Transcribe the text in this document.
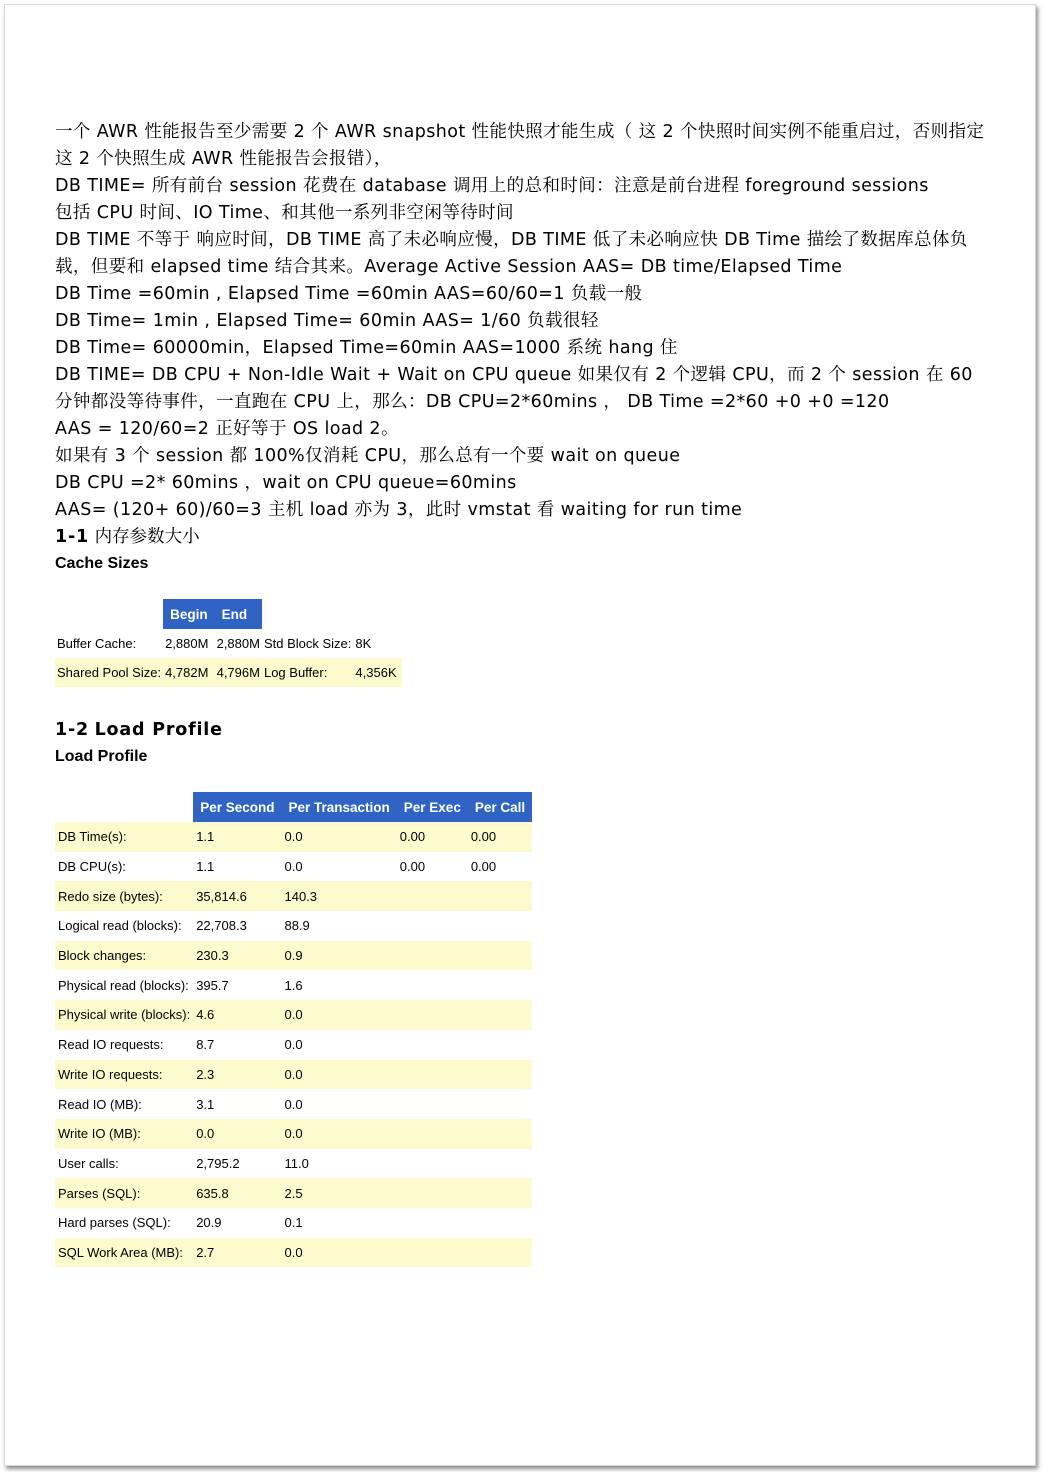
一个 AWR 性能报告至少需要 2 个 AWR snapshot 性能快照才能生成（ 这 2 个快照时间实例不能重启过，否则指定这 2 个快照生成 AWR 性能报告会报错），

DB TIME= 所有前台 session 花费在 database 调用上的总和时间：注意是前台进程 foreground sessions

包括 CPU 时间、IO Time、和其他一系列非空闲等待时间

DB TIME 不等于 响应时间，DB TIME 高了未必响应慢，DB TIME 低了未必响应快 DB Time 描绘了数据库总体负载，但要和 elapsed time 结合其来。Average Active Session AAS= DB time/Elapsed Time

DB Time =60min , Elapsed Time =60min AAS=60/60=1 负载一般

DB Time= 1min , Elapsed Time= 60min AAS= 1/60 负载很轻

DB Time= 60000min，Elapsed Time=60min AAS=1000 系统 hang 住

DB TIME= DB CPU + Non-Idle Wait + Wait on CPU queue 如果仅有 2 个逻辑 CPU，而 2 个 session 在 60 分钟都没等待事件，一直跑在 CPU 上，那么：DB CPU=2*60mins ， DB Time =2*60 +0 +0 =120

AAS = 120/60=2 正好等于 OS load 2。

如果有 3 个 session 都 100%仅消耗 CPU，那么总有一个要 wait on queue

DB CPU =2* 60mins ，wait on CPU queue=60mins

AAS= (120+ 60)/60=3 主机 load 亦为 3，此时 vmstat 看 waiting for run time

1-1 内存参数大小

Cache Sizes

	Begin	End		
Buffer Cache:	2,880M	2,880M	Std Block Size:	8K
Shared Pool Size:	4,782M	4,796M	Log Buffer:	4,356K

1-2 Load Profile

Load Profile

	Per Second	Per Transaction	Per Exec	Per Call
DB Time(s):	1.1	0.0	0.00	0.00
DB CPU(s):	1.1	0.0	0.00	0.00
Redo size (bytes):	35,814.6	140.3		
Logical read (blocks):	22,708.3	88.9		
Block changes:	230.3	0.9		
Physical read (blocks):	395.7	1.6		
Physical write (blocks):	4.6	0.0		
Read IO requests:	8.7	0.0		
Write IO requests:	2.3	0.0		
Read IO (MB):	3.1	0.0		
Write IO (MB):	0.0	0.0		
User calls:	2,795.2	11.0		
Parses (SQL):	635.8	2.5		
Hard parses (SQL):	20.9	0.1		
SQL Work Area (MB):	2.7	0.0		
